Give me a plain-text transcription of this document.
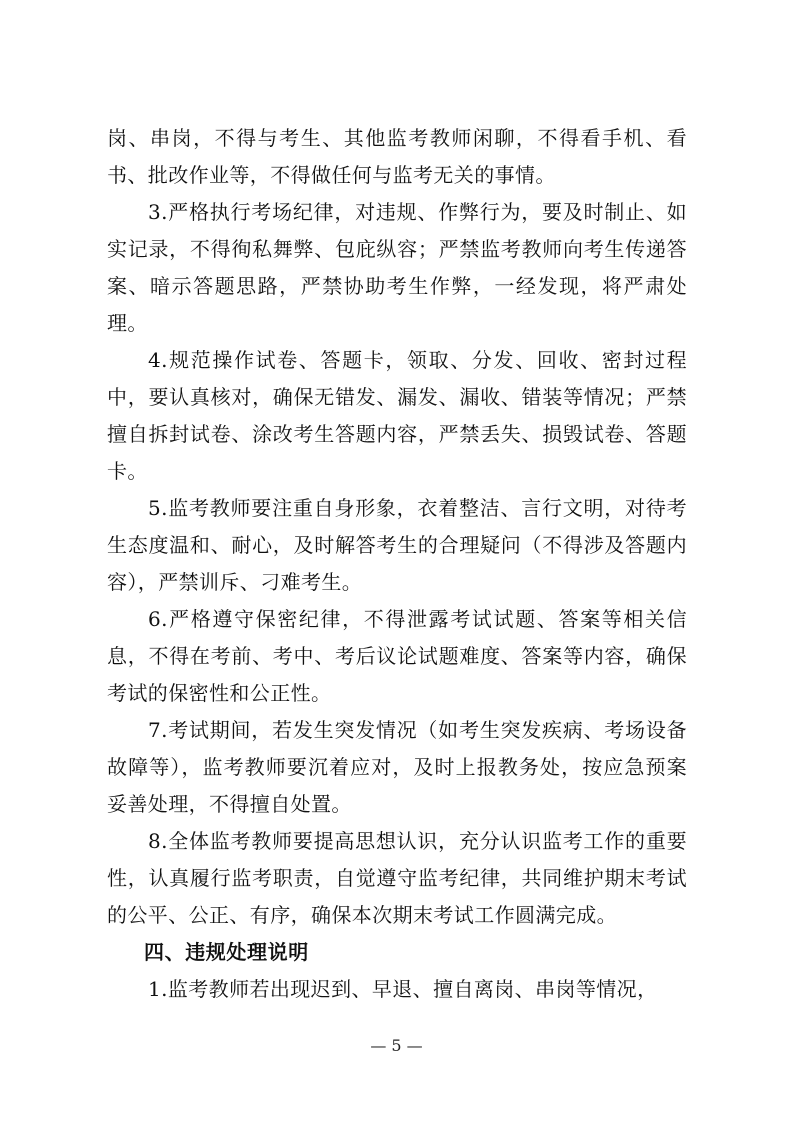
岗、串岗，不得与考生、其他监考教师闲聊，不得看手机、看书、批改作业等，不得做任何与监考无关的事情。

3.严格执行考场纪律，对违规、作弊行为，要及时制止、如实记录，不得徇私舞弊、包庇纵容；严禁监考教师向考生传递答案、暗示答题思路，严禁协助考生作弊，一经发现，将严肃处理。

4.规范操作试卷、答题卡，领取、分发、回收、密封过程中，要认真核对，确保无错发、漏发、漏收、错装等情况；严禁擅自拆封试卷、涂改考生答题内容，严禁丢失、损毁试卷、答题卡。

5.监考教师要注重自身形象，衣着整洁、言行文明，对待考生态度温和、耐心，及时解答考生的合理疑问（不得涉及答题内容），严禁训斥、刁难考生。

6.严格遵守保密纪律，不得泄露考试试题、答案等相关信息，不得在考前、考中、考后议论试题难度、答案等内容，确保考试的保密性和公正性。

7.考试期间，若发生突发情况（如考生突发疾病、考场设备故障等），监考教师要沉着应对，及时上报教务处，按应急预案妥善处理，不得擅自处置。

8.全体监考教师要提高思想认识，充分认识监考工作的重要性，认真履行监考职责，自觉遵守监考纪律，共同维护期末考试的公平、公正、有序，确保本次期末考试工作圆满完成。

四、违规处理说明

1.监考教师若出现迟到、早退、擅自离岗、串岗等情况，

— 5 —
